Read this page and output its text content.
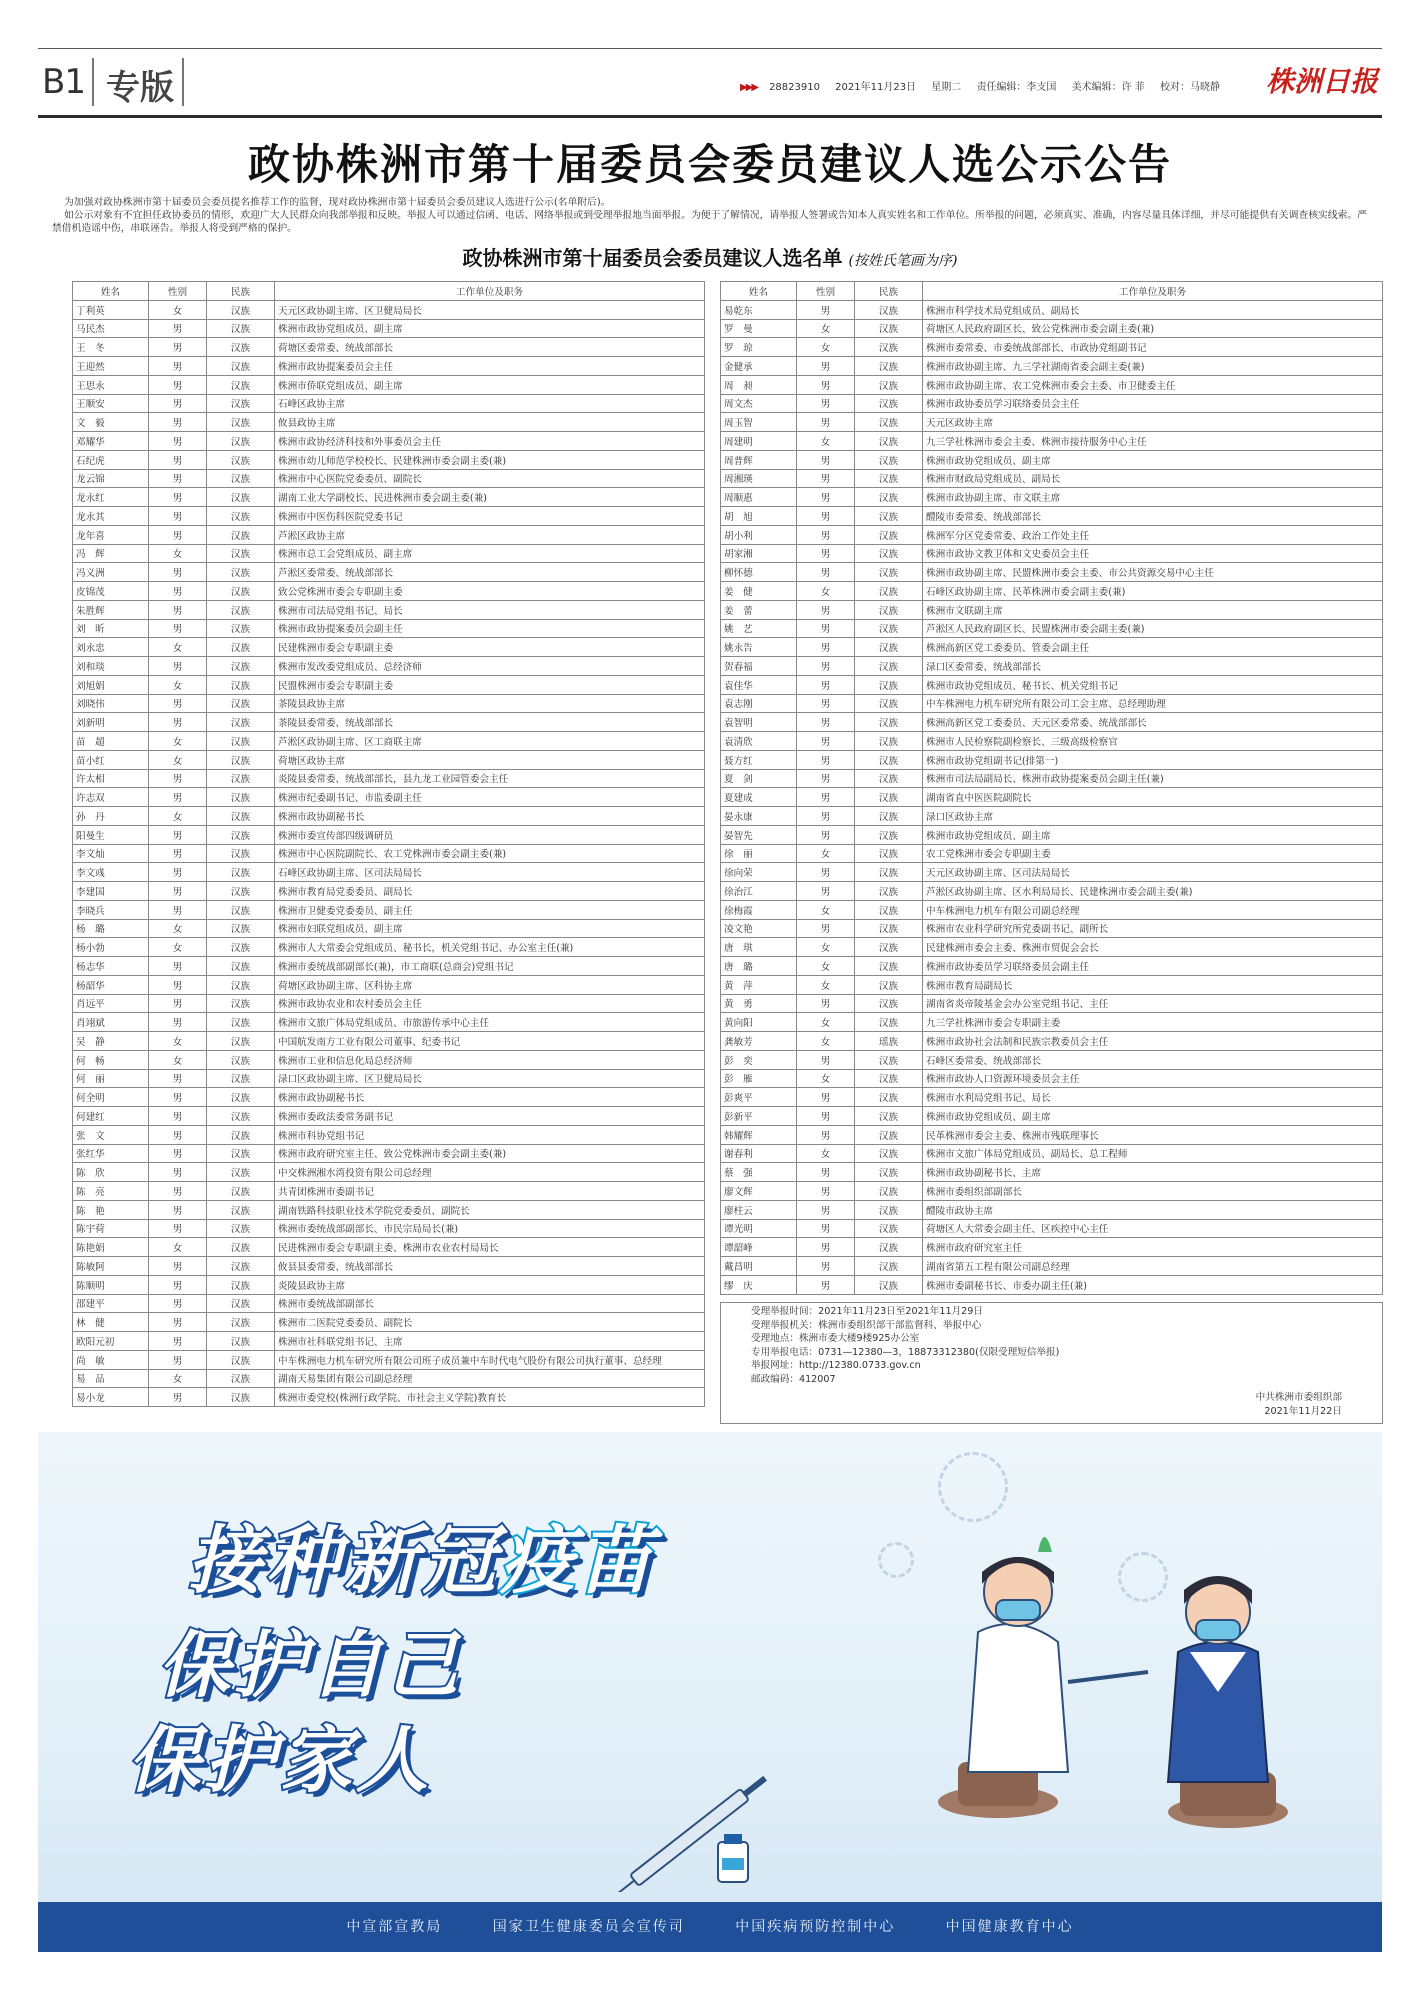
B1 专版	▶▶▶ 28823910 2021年11月23日 星期二 责任编辑：李支国 美术编辑：许 菲 校对：马晓静	株洲日报
政协株洲市第十届委员会委员建议人选公示公告

为加强对政协株洲市第十届委员会委员提名推荐工作的监督，现对政协株洲市第十届委员会委员建议人选进行公示(名单附后)。

如公示对象有不宜担任政协委员的情形，欢迎广大人民群众向我部举报和反映。举报人可以通过信函、电话、网络举报或到受理举报地当面举报。为便于了解情况，请举报人签署或告知本人真实姓名和工作单位。所举报的问题，必须真实、准确，内容尽量具体详细，并尽可能提供有关调查核实线索。严禁借机造谣中伤，串联诬告。举报人将受到严格的保护。

政协株洲市第十届委员会委员建议人选名单 (按姓氏笔画为序)
姓名	性别	民族	工作单位及职务
丁利英	女	汉族	天元区政协副主席、区卫健局局长
马民杰	男	汉族	株洲市政协党组成员、副主席
王　冬	男	汉族	荷塘区委常委、统战部部长
王迎然	男	汉族	株洲市政协提案委员会主任
王思永	男	汉族	株洲市侨联党组成员、副主席
王顺安	男	汉族	石峰区政协主席
文　毅	男	汉族	攸县政协主席
邓耀华	男	汉族	株洲市政协经济科技和外事委员会主任
石纪虎	男	汉族	株洲市幼儿师范学校校长、民建株洲市委会副主委(兼)
龙云锦	男	汉族	株洲市中心医院党委委员、副院长
龙永红	男	汉族	湖南工业大学副校长、民进株洲市委会副主委(兼)
龙永其	男	汉族	株洲市中医伤科医院党委书记
龙年喜	男	汉族	芦淞区政协主席
冯　辉	女	汉族	株洲市总工会党组成员、副主席
冯义洲	男	汉族	芦淞区委常委、统战部部长
皮锦茂	男	汉族	致公党株洲市委会专职副主委
朱胜辉	男	汉族	株洲市司法局党组书记、局长
刘　昕	男	汉族	株洲市政协提案委员会副主任
刘永忠	女	汉族	民建株洲市委会专职副主委
刘和琰	男	汉族	株洲市发改委党组成员、总经济师
刘旭娟	女	汉族	民盟株洲市委会专职副主委
刘晓伟	男	汉族	茶陵县政协主席
刘新明	男	汉族	茶陵县委常委、统战部部长
苗　超	女	汉族	芦淞区政协副主席、区工商联主席
苗小红	女	汉族	荷塘区政协主席
许太相	男	汉族	炎陵县委常委、统战部部长，县九龙工业园管委会主任
许志双	男	汉族	株洲市纪委副书记、市监委副主任
孙　丹	女	汉族	株洲市政协副秘书长
阳曼生	男	汉族	株洲市委宣传部四级调研员
李文灿	男	汉族	株洲市中心医院副院长、农工党株洲市委会副主委(兼)
李文彧	男	汉族	石峰区政协副主席、区司法局局长
李建国	男	汉族	株洲市教育局党委委员、副局长
李晓兵	男	汉族	株洲市卫健委党委委员、副主任
杨　璐	女	汉族	株洲市妇联党组成员、副主席
杨小勃	女	汉族	株洲市人大常委会党组成员、秘书长，机关党组书记、办公室主任(兼)
杨志华	男	汉族	株洲市委统战部副部长(兼)，市工商联(总商会)党组书记
杨韶华	男	汉族	荷塘区政协副主席、区科协主席
肖远平	男	汉族	株洲市政协农业和农村委员会主任
肖翊斌	男	汉族	株洲市文旅广体局党组成员、市旅游传承中心主任
吴　静	女	汉族	中国航发南方工业有限公司董事、纪委书记
何　畅	女	汉族	株洲市工业和信息化局总经济师
何　丽	男	汉族	渌口区政协副主席、区卫健局局长
何全明	男	汉族	株洲市政协副秘书长
何建红	男	汉族	株洲市委政法委常务副书记
张　文	男	汉族	株洲市科协党组书记
张红华	男	汉族	株洲市政府研究室主任、致公党株洲市委会副主委(兼)
陈　欣	男	汉族	中交株洲湘水湾投资有限公司总经理
陈　亮	男	汉族	共青团株洲市委副书记
陈　艳	男	汉族	湖南铁路科技职业技术学院党委委员、副院长
陈宇荷	男	汉族	株洲市委统战部副部长、市民宗局局长(兼)
陈艳娟	女	汉族	民进株洲市委会专职副主委、株洲市农业农村局局长
陈敏阿	男	汉族	攸县县委常委、统战部部长
陈顺明	男	汉族	炎陵县政协主席
邵建平	男	汉族	株洲市委统战部副部长
林　健	男	汉族	株洲市二医院党委委员、副院长
欧阳元初	男	汉族	株洲市社科联党组书记、主席
尚　敏	男	汉族	中车株洲电力机车研究所有限公司班子成员兼中车时代电气股份有限公司执行董事、总经理
易　品	女	汉族	湖南天易集团有限公司副总经理
易小龙	男	汉族	株洲市委党校(株洲行政学院、市社会主义学院)教育长
姓名	性别	民族	工作单位及职务
易乾东	男	汉族	株洲市科学技术局党组成员、副局长
罗　曼	女	汉族	荷塘区人民政府副区长、致公党株洲市委会副主委(兼)
罗　琼	女	汉族	株洲市委常委、市委统战部部长、市政协党组副书记
金健承	男	汉族	株洲市政协副主席、九三学社湖南省委会副主委(兼)
周　昶	男	汉族	株洲市政协副主席、农工党株洲市委会主委、市卫健委主任
周文杰	男	汉族	株洲市政协委员学习联络委员会主任
周玉智	男	汉族	天元区政协主席
周建明	女	汉族	九三学社株洲市委会主委、株洲市接待服务中心主任
周普辉	男	汉族	株洲市政协党组成员、副主席
周湘瑛	男	汉族	株洲市财政局党组成员、副局长
周顺惠	男	汉族	株洲市政协副主席、市文联主席
胡　旭	男	汉族	醴陵市委常委、统战部部长
胡小利	男	汉族	株洲军分区党委常委、政治工作处主任
胡家湘	男	汉族	株洲市政协文教卫体和文史委员会主任
柳怀德	男	汉族	株洲市政协副主席、民盟株洲市委会主委、市公共资源交易中心主任
姜　健	女	汉族	石峰区政协副主席、民革株洲市委会副主委(兼)
姜　蕾	男	汉族	株洲市文联副主席
姚　艺	男	汉族	芦淞区人民政府副区长、民盟株洲市委会副主委(兼)
姚永告	男	汉族	株洲高新区党工委委员、管委会副主任
贺春福	男	汉族	渌口区委常委、统战部部长
袁佳华	男	汉族	株洲市政协党组成员、秘书长、机关党组书记
袁志刚	男	汉族	中车株洲电力机车研究所有限公司工会主席、总经理助理
袁智明	男	汉族	株洲高新区党工委委员、天元区委常委、统战部部长
袁清欣	男	汉族	株洲市人民检察院副检察长、三级高级检察官
聂方红	男	汉族	株洲市政协党组副书记(排第一)
夏　剑	男	汉族	株洲市司法局副局长、株洲市政协提案委员会副主任(兼)
夏建成	男	汉族	湖南省直中医医院副院长
晏永康	男	汉族	渌口区政协主席
晏智先	男	汉族	株洲市政协党组成员、副主席
徐　丽	女	汉族	农工党株洲市委会专职副主委
徐向荣	男	汉族	天元区政协副主席、区司法局局长
徐治江	男	汉族	芦淞区政协副主席、区水利局局长、民建株洲市委会副主委(兼)
徐梅霞	女	汉族	中车株洲电力机车有限公司副总经理
凌文艳	男	汉族	株洲市农业科学研究所党委副书记、副所长
唐　琪	女	汉族	民建株洲市委会主委、株洲市贸促会会长
唐　璐	女	汉族	株洲市政协委员学习联络委员会副主任
黄　萍	女	汉族	株洲市教育局副局长
黄　勇	男	汉族	湖南省炎帝陵基金会办公室党组书记、主任
黄向阳	女	汉族	九三学社株洲市委会专职副主委
龚敏芳	女	瑶族	株洲市政协社会法制和民族宗教委员会主任
彭　奕	男	汉族	石峰区委常委、统战部部长
彭　雁	女	汉族	株洲市政协人口资源环境委员会主任
彭爽平	男	汉族	株洲市水利局党组书记、局长
彭新平	男	汉族	株洲市政协党组成员、副主席
韩耀辉	男	汉族	民革株洲市委会主委、株洲市残联理事长
谢春利	女	汉族	株洲市文旅广体局党组成员、副局长、总工程师
蔡　强	男	汉族	株洲市政协副秘书长、主席
廖文辉	男	汉族	株洲市委组织部副部长
廖柱云	男	汉族	醴陵市政协主席
谭光明	男	汉族	荷塘区人大常委会副主任、区疾控中心主任
谭韶峰	男	汉族	株洲市政府研究室主任
戴昌明	男	汉族	湖南省第五工程有限公司副总经理
缪　庆	男	汉族	株洲市委副秘书长、市委办副主任(兼)
受理举报时间：2021年11月23日至2021年11月29日
受理举报机关：株洲市委组织部干部监督科、举报中心
受理地点：株洲市委大楼9楼925办公室
专用举报电话：0731—12380—3，18873312380(仅限受理短信举报)
举报网址：http://12380.0733.gov.cn
邮政编码：412007
中共株洲市委组织部
2021年11月22日
接种新冠疫苗
保护自己
保护家人
中宣部宣教局	国家卫生健康委员会宣传司	中国疾病预防控制中心	中国健康教育中心
